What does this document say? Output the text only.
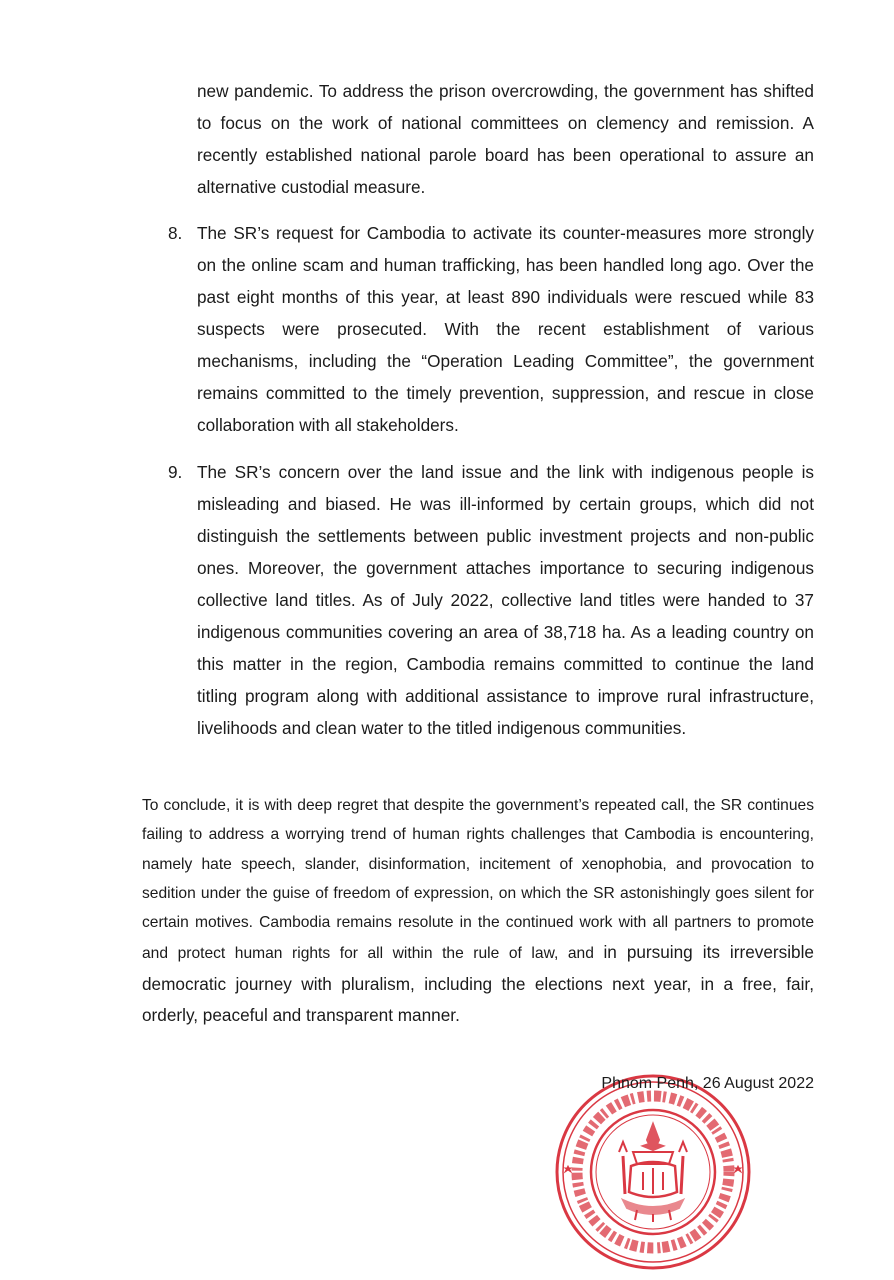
new pandemic. To address the prison overcrowding, the government has shifted to focus on the work of national committees on clemency and remission. A recently established national parole board has been operational to assure an alternative custodial measure.

8. The SR’s request for Cambodia to activate its counter-measures more strongly on the online scam and human trafficking, has been handled long ago. Over the past eight months of this year, at least 890 individuals were rescued while 83 suspects were prosecuted. With the recent establishment of various mechanisms, including the “Operation Leading Committee”, the government remains committed to the timely prevention, suppression, and rescue in close collaboration with all stakeholders.

9. The SR’s concern over the land issue and the link with indigenous people is misleading and biased. He was ill-informed by certain groups, which did not distinguish the settlements between public investment projects and non-public ones. Moreover, the government attaches importance to securing indigenous collective land titles. As of July 2022, collective land titles were handed to 37 indigenous communities covering an area of 38,718 ha. As a leading country on this matter in the region, Cambodia remains committed to continue the land titling program along with additional assistance to improve rural infrastructure, livelihoods and clean water to the titled indigenous communities.

To conclude, it is with deep regret that despite the government’s repeated call, the SR continues failing to address a worrying trend of human rights challenges that Cambodia is encountering, namely hate speech, slander, disinformation, incitement of xenophobia, and provocation to sedition under the guise of freedom of expression, on which the SR astonishingly goes silent for certain motives. Cambodia remains resolute in the continued work with all partners to promote and protect human rights for all within the rule of law, and in pursuing its irreversible democratic journey with pluralism, including the elections next year, in a free, fair, orderly, peaceful and transparent manner.

Phnom Penh, 26 August 2022
